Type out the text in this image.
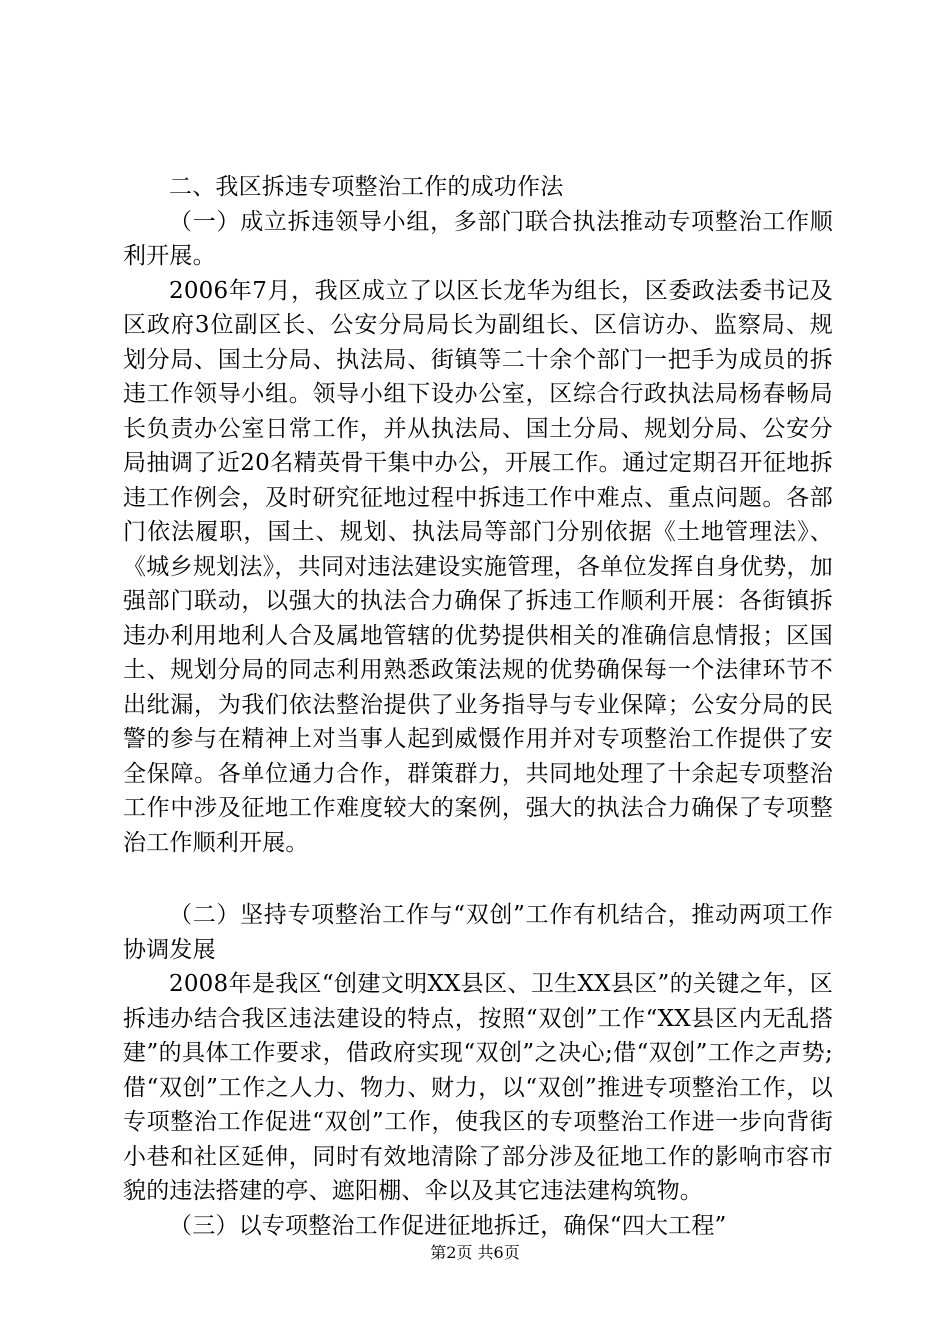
二、我区拆违专项整治工作的成功作法

（一）成立拆违领导小组，多部门联合执法推动专项整治工作顺利开展。

2006年7月，我区成立了以区长龙华为组长，区委政法委书记及区政府3位副区长、公安分局局长为副组长、区信访办、监察局、规划分局、国土分局、执法局、街镇等二十余个部门一把手为成员的拆违工作领导小组。领导小组下设办公室，区综合行政执法局杨春畅局长负责办公室日常工作，并从执法局、国土分局、规划分局、公安分局抽调了近20名精英骨干集中办公，开展工作。通过定期召开征地拆违工作例会，及时研究征地过程中拆违工作中难点、重点问题。各部门依法履职，国土、规划、执法局等部门分别依据《土地管理法》、《城乡规划法》，共同对违法建设实施管理，各单位发挥自身优势，加强部门联动，以强大的执法合力确保了拆违工作顺利开展：各街镇拆违办利用地利人合及属地管辖的优势提供相关的准确信息情报；区国土、规划分局的同志利用熟悉政策法规的优势确保每一个法律环节不出纰漏，为我们依法整治提供了业务指导与专业保障；公安分局的民警的参与在精神上对当事人起到威慑作用并对专项整治工作提供了安全保障。各单位通力合作，群策群力，共同地处理了十余起专项整治工作中涉及征地工作难度较大的案例，强大的执法合力确保了专项整治工作顺利开展。

（二）坚持专项整治工作与“双创”工作有机结合，推动两项工作协调发展

2008年是我区“创建文明XX县区、卫生XX县区”的关键之年，区拆违办结合我区违法建设的特点，按照“双创”工作“XX县区内无乱搭建”的具体工作要求，借政府实现“双创”之决心;借“双创”工作之声势;借“双创”工作之人力、物力、财力，以“双创”推进专项整治工作，以专项整治工作促进“双创”工作，使我区的专项整治工作进一步向背街小巷和社区延伸，同时有效地清除了部分涉及征地工作的影响市容市貌的违法搭建的亭、遮阳棚、伞以及其它违法建构筑物。

（三）以专项整治工作促进征地拆迁，确保“四大工程”

第2页 共6页
